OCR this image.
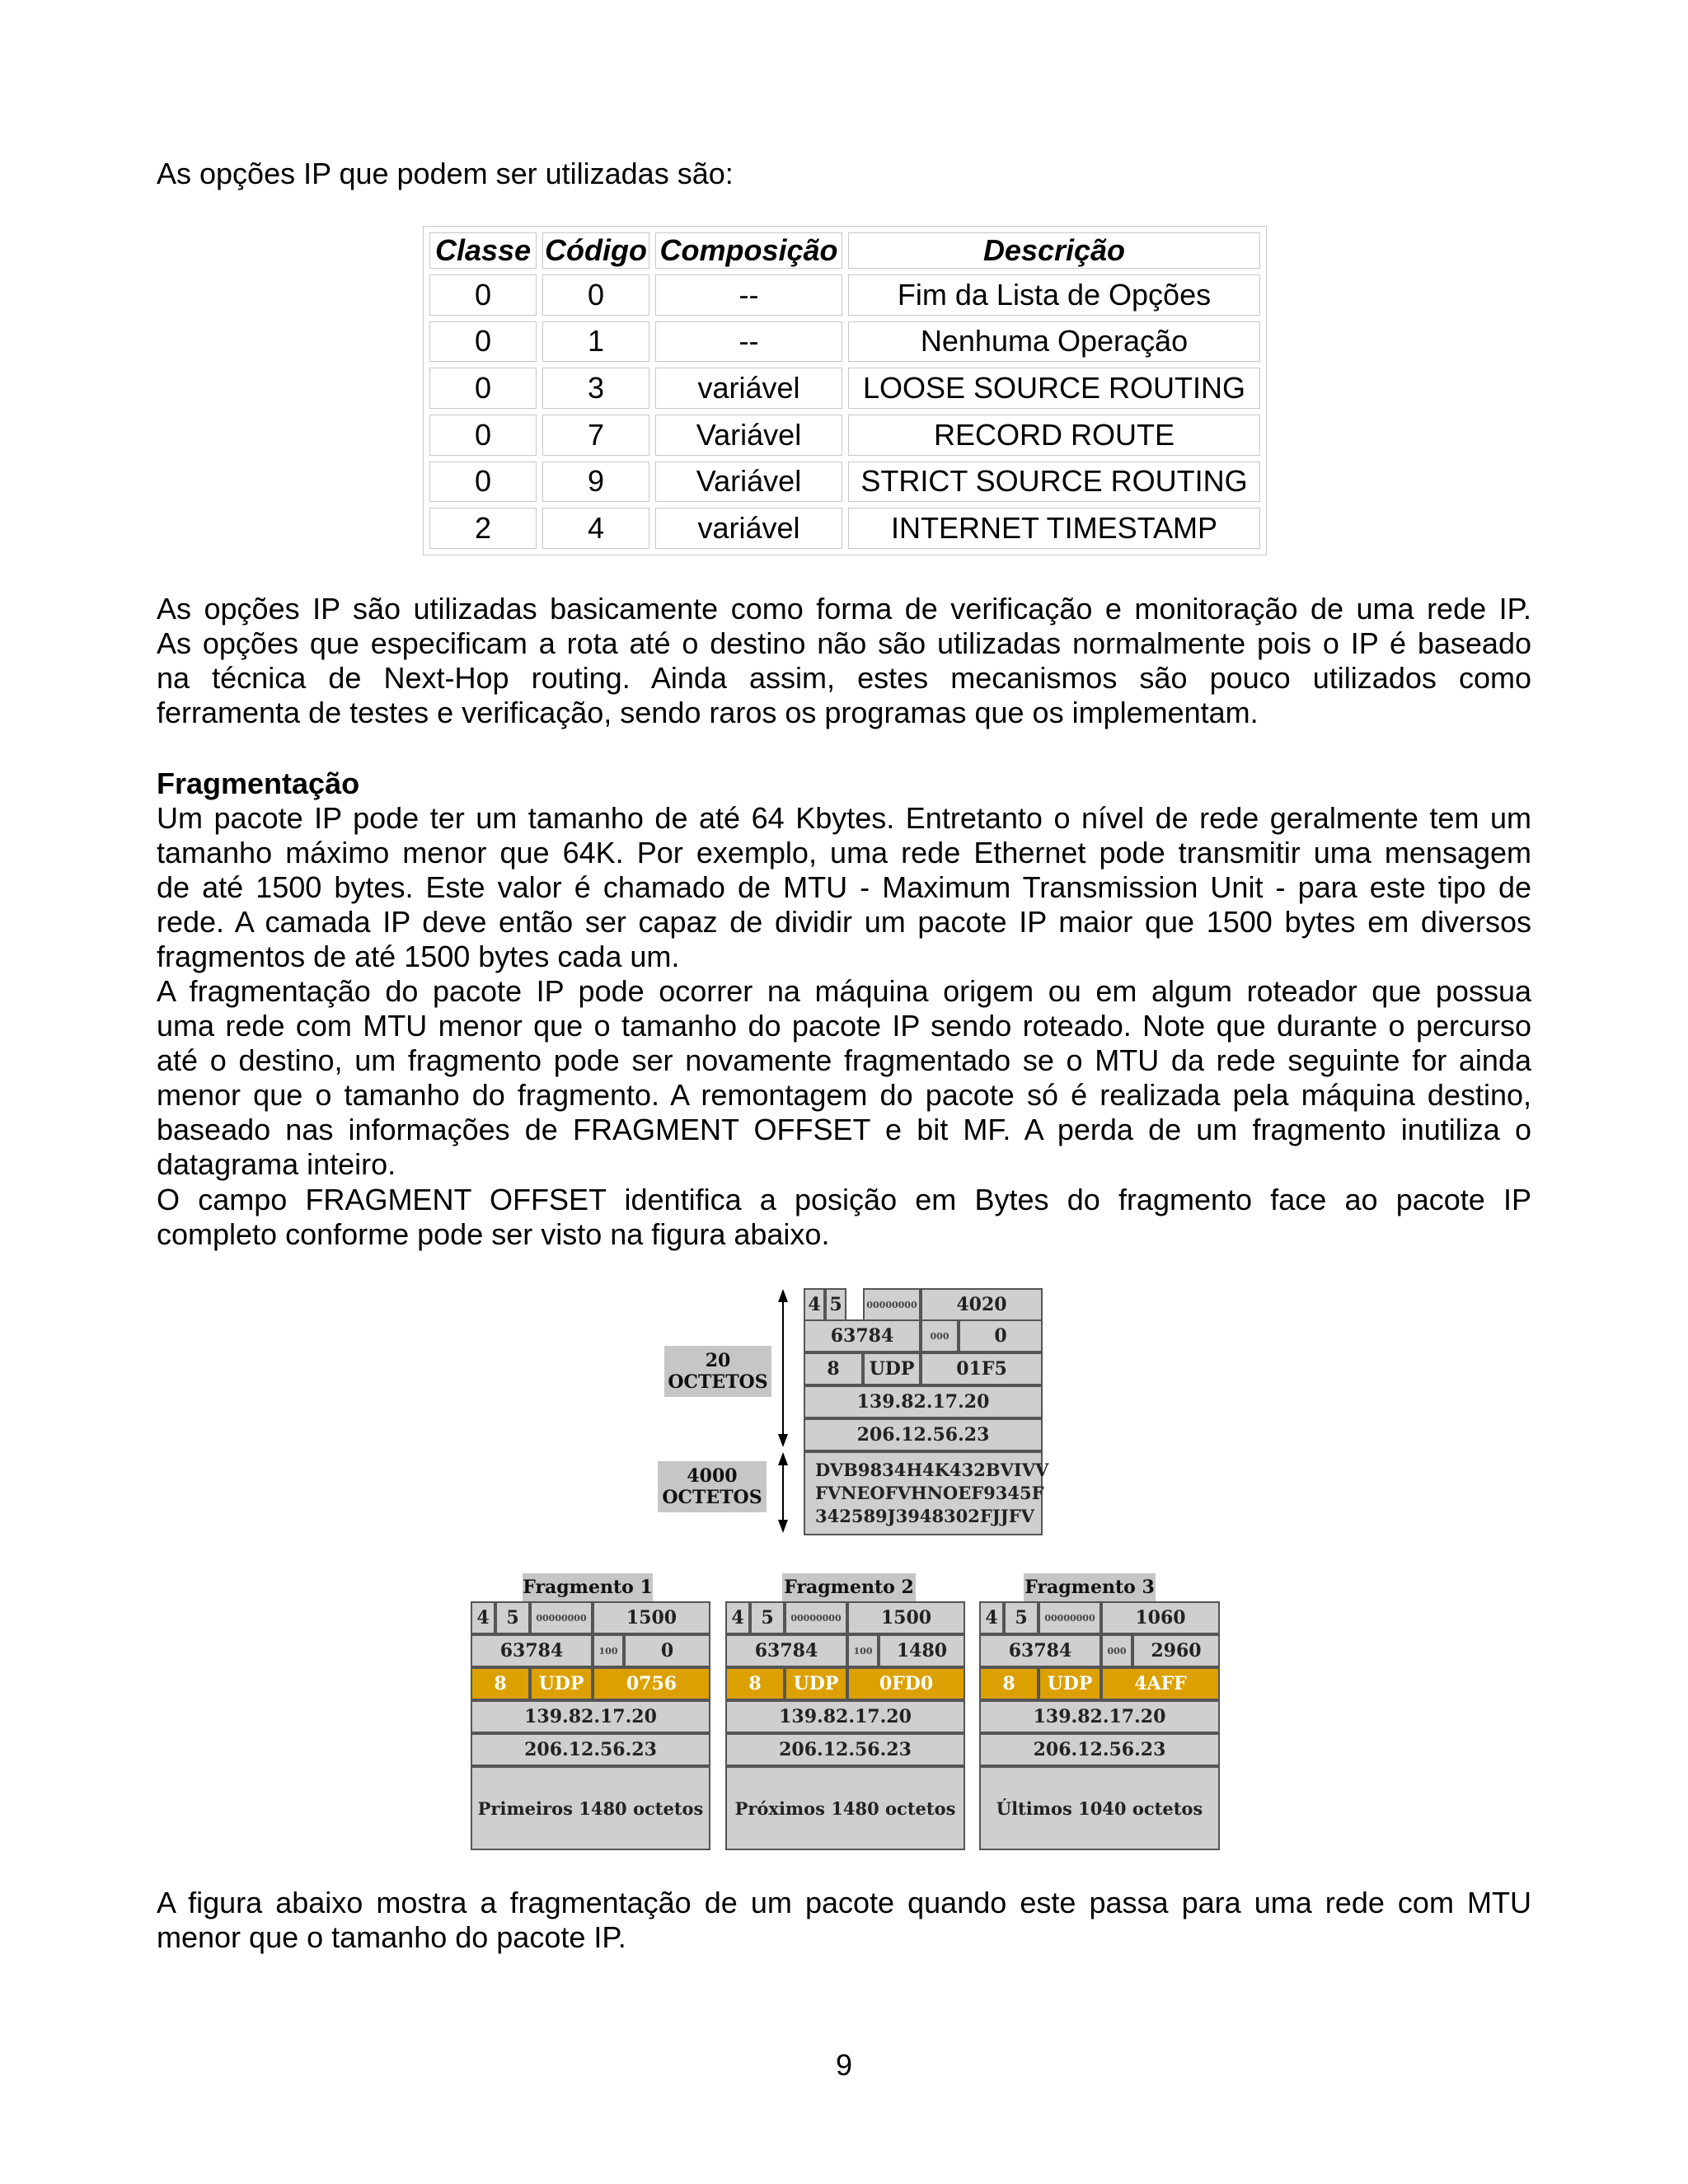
As opções IP que podem ser utilizadas são:

Classe	Código	Composição	Descrição
0	0	--	Fim da Lista de Opções
0	1	--	Nenhuma Operação
0	3	variável	LOOSE SOURCE ROUTING
0	7	Variável	RECORD ROUTE
0	9	Variável	STRICT SOURCE ROUTING
2	4	variável	INTERNET TIMESTAMP

As opções IP são utilizadas basicamente como forma de verificação e monitoração de uma rede IP.
As opções que especificam a rota até o destino não são utilizadas normalmente pois o IP é baseado
na técnica de Next-Hop routing. Ainda assim, estes mecanismos são pouco utilizados como
ferramenta de testes e verificação, sendo raros os programas que os implementam.

Fragmentação

Um pacote IP pode ter um tamanho de até 64 Kbytes. Entretanto o nível de rede geralmente tem um
tamanho máximo menor que 64K. Por exemplo, uma rede Ethernet pode transmitir uma mensagem
de até 1500 bytes. Este valor é chamado de MTU - Maximum Transmission Unit - para este tipo de
rede. A camada IP deve então ser capaz de dividir um pacote IP maior que 1500 bytes em diversos
fragmentos de até 1500 bytes cada um.

A fragmentação do pacote IP pode ocorrer na máquina origem ou em algum roteador que possua
uma rede com MTU menor que o tamanho do pacote IP sendo roteado. Note que durante o percurso
até o destino, um fragmento pode ser novamente fragmentado se o MTU da rede seguinte for ainda
menor que o tamanho do fragmento. A remontagem do pacote só é realizada pela máquina destino,
baseado nas informações de FRAGMENT OFFSET e bit MF. A perda de um fragmento inutiliza o
datagrama inteiro.

O campo FRAGMENT OFFSET identifica a posição em Bytes do fragmento face ao pacote IP
completo conforme pode ser visto na figura abaixo.

20
OCTETOS
4000
OCTETOS
4 5	00000000	4020
63784	000	0
8	UDP	01F5
139.82.17.20
206.12.56.23
DVB9834H4K432BVIVV
FVNEOFVHNOEF9345F
342589J3948302FJJFV
Fragmento 1
4 5	00000000	1500
63784	100	0
8	UDP	0756
139.82.17.20
206.12.56.23
Primeiros 1480 octetos
Fragmento 2
4 5	00000000	1500
63784	100	1480
8	UDP	0FD0
139.82.17.20
206.12.56.23
Próximos 1480 octetos
Fragmento 3
4 5	00000000	1060
63784	000	2960
8	UDP	4AFF
139.82.17.20
206.12.56.23
Últimos 1040 octetos

A figura abaixo mostra a fragmentação de um pacote quando este passa para uma rede com MTU
menor que o tamanho do pacote IP.

9
